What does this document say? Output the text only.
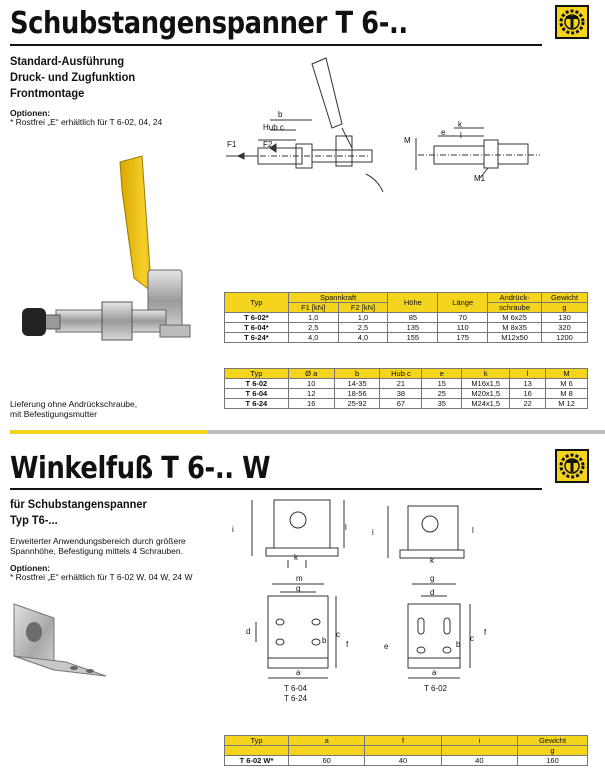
Schubstangenspanner T 6-..
Standard-Ausführung
Druck- und Zugfunktion
Frontmontage
Optionen:
* Rostfrei „E“ erhältlich für T 6-02, 04, 24
Lieferung ohne Andrückschraube,
mit Befestigungsmutter
F1	F2
Hub c
b
e
k
l
M
M1
Typ	Spannkraft		Höhe	Länge	Andrück-	Gewicht
	F1 [kN]	F2 [kN]			schraube	g
T 6-02*	1,0	1,0	85	70	M 6x25	130
T 6-04*	2,5	2,5	135	110	M 8x35	320
T 6-24*	4,0	4,0	155	175	M12x50	1200
Typ	Ø a	b	Hub c	e	k	l	M
T 6-02	10	14-35	21	15	M16x1,5	13	M 6
T 6-04	12	18-56	38	25	M20x1,5	16	M 8
T 6-24	16	25-92	67	35	M24x1,5	22	M 12
Winkelfuß T 6-.. W
für Schubstangenspanner
Typ T6-...
Erweiterter Anwendungsbereich durch größere
Spannhöhe, Befestigung mittels 4 Schrauben.
Optionen:
* Rostfrei „E“ erhältlich für T 6-02 W, 04 W, 24 W
i
k
l
i
k
l
m
g
d
b
c
f
a
g
d
e	b
c
f
a
T 6-04
T 6-24
T 6-02
Typ	a	f	i	Gewicht
				g
T 6-02 W*	60	40	40	160
